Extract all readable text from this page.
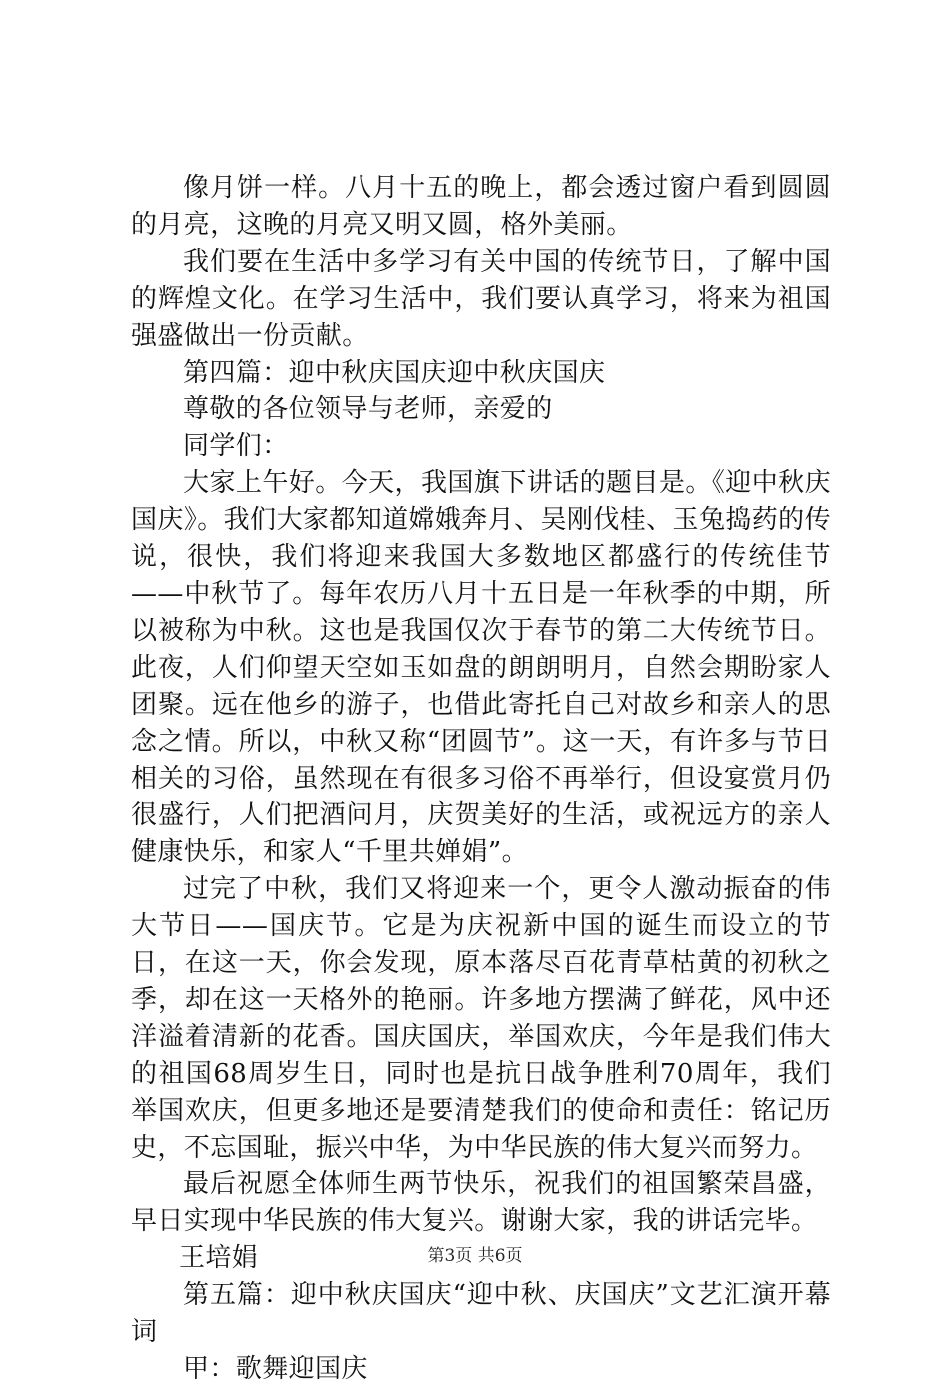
像月饼一样。八月十五的晚上，都会透过窗户看到圆圆的月亮，这晚的月亮又明又圆，格外美丽。

我们要在生活中多学习有关中国的传统节日，了解中国的辉煌文化。在学习生活中，我们要认真学习，将来为祖国强盛做出一份贡献。

第四篇：迎中秋庆国庆迎中秋庆国庆

尊敬的各位领导与老师，亲爱的

同学们：

大家上午好。今天，我国旗下讲话的题目是。《迎中秋庆国庆》。我们大家都知道嫦娥奔月、吴刚伐桂、玉兔捣药的传说，很快，我们将迎来我国大多数地区都盛行的传统佳节——中秋节了。每年农历八月十五日是一年秋季的中期，所以被称为中秋。这也是我国仅次于春节的第二大传统节日。此夜，人们仰望天空如玉如盘的朗朗明月，自然会期盼家人团聚。远在他乡的游子，也借此寄托自己对故乡和亲人的思念之情。所以，中秋又称“团圆节”。这一天，有许多与节日相关的习俗，虽然现在有很多习俗不再举行，但设宴赏月仍很盛行，人们把酒问月，庆贺美好的生活，或祝远方的亲人健康快乐，和家人“千里共婵娟”。

过完了中秋，我们又将迎来一个，更令人激动振奋的伟大节日——国庆节。它是为庆祝新中国的诞生而设立的节日，在这一天，你会发现，原本落尽百花青草枯黄的初秋之季，却在这一天格外的艳丽。许多地方摆满了鲜花，风中还洋溢着清新的花香。国庆国庆，举国欢庆，今年是我们伟大的祖国68周岁生日，同时也是抗日战争胜利70周年，我们举国欢庆，但更多地还是要清楚我们的使命和责任：铭记历史，不忘国耻，振兴中华，为中华民族的伟大复兴而努力。

最后祝愿全体师生两节快乐，祝我们的祖国繁荣昌盛，早日实现中华民族的伟大复兴。谢谢大家，我的讲话完毕。

王培娟

第五篇：迎中秋庆国庆“迎中秋、庆国庆”文艺汇演开幕词

甲：歌舞迎国庆

第3页 共6页
